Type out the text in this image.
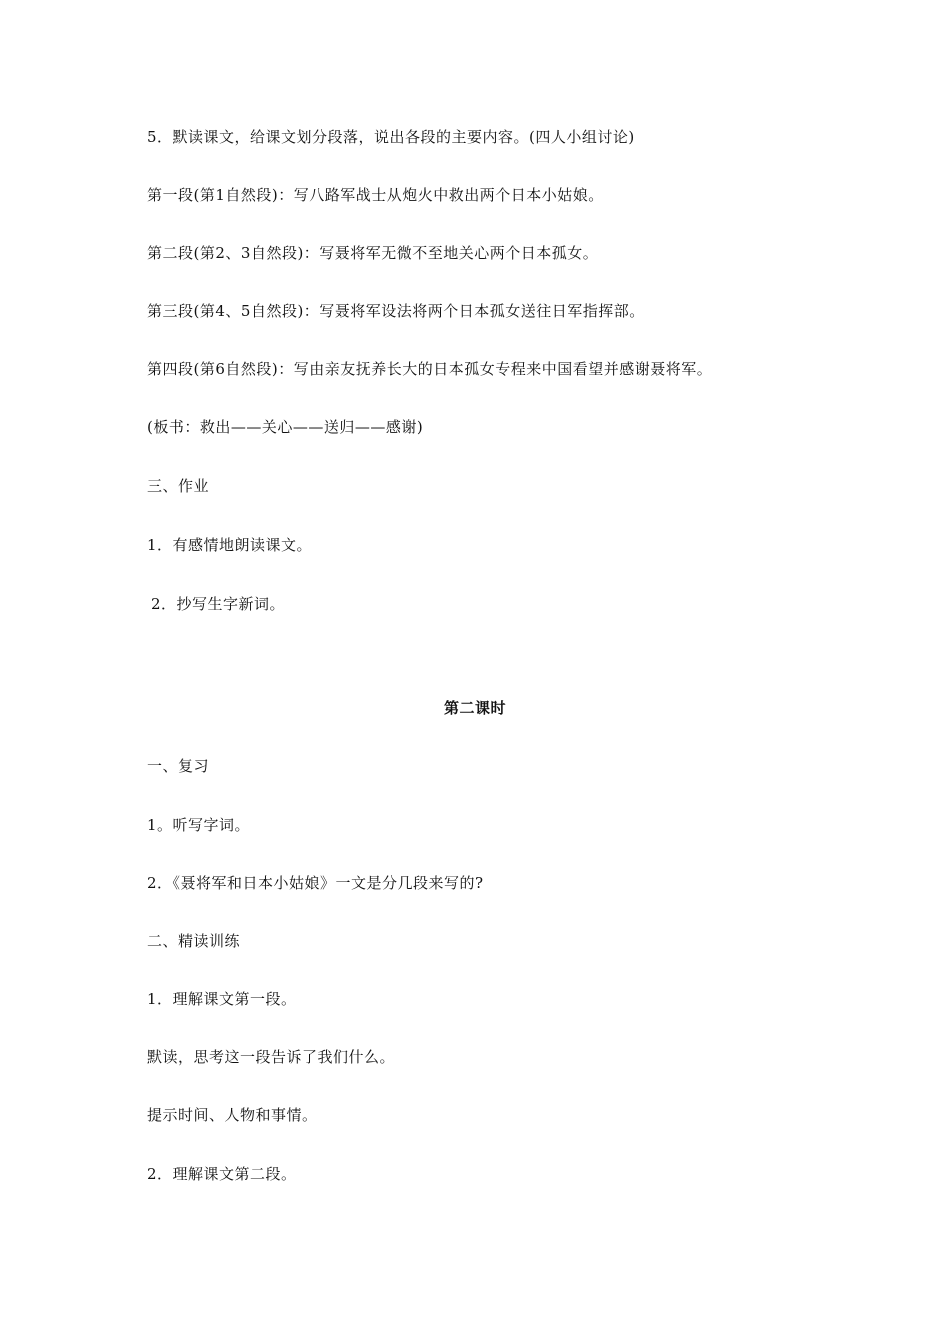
5．默读课文，给课文划分段落，说出各段的主要内容。(四人小组讨论)
第一段(第1自然段)：写八路军战士从炮火中救出两个日本小姑娘。
第二段(第2、3自然段)：写聂将军无微不至地关心两个日本孤女。
第三段(第4、5自然段)：写聂将军设法将两个日本孤女送往日军指挥部。
第四段(第6自然段)：写由亲友抚养长大的日本孤女专程来中国看望并感谢聂将军。
(板书：救出——关心——送归——感谢)
三、作业
1．有感情地朗读课文。
2．抄写生字新词。
第二课时
一、复习
1。听写字词。
2．《聂将军和日本小姑娘》一文是分几段来写的?
二、精读训练
1．理解课文第一段。
默读，思考这一段告诉了我们什么。
提示时间、人物和事情。
2．理解课文第二段。
